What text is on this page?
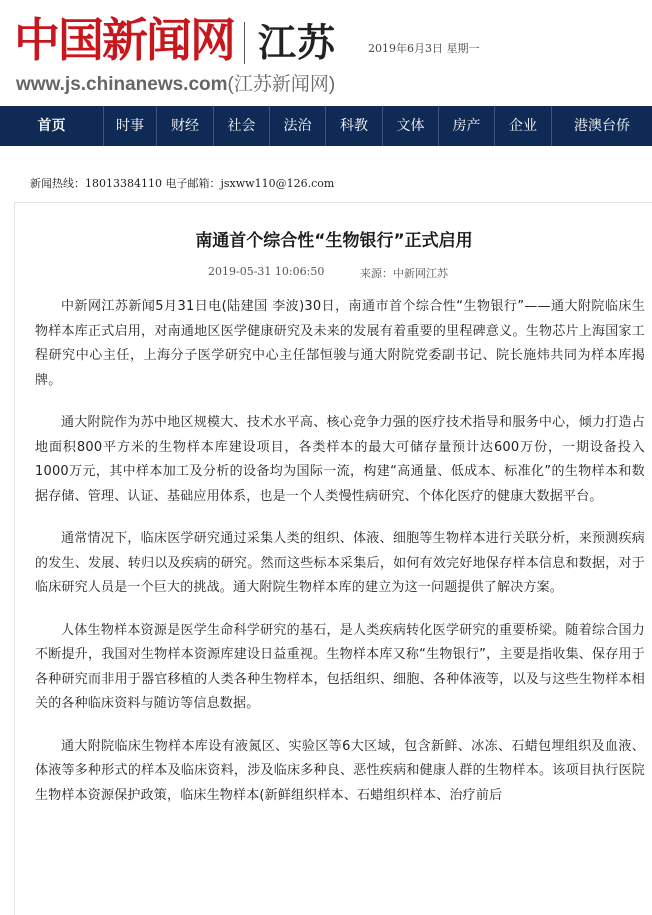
中国新闻网 江苏	2019年6月3日 星期一
www.js.chinanews.com(江苏新闻网)
首页	时事	财经	社会	法治	科教	文体	房产	企业	港澳台侨
新闻热线：18013384110 电子邮箱：jsxww110@126.com
南通首个综合性“生物银行”正式启用
2019-05-31 10:06:50	来源：中新网江苏

中新网江苏新闻5月31日电(陆建国 李波)30日，南通市首个综合性“生物银行”——通大附院临床生物样本库正式启用，对南通地区医学健康研究及未来的发展有着重要的里程碑意义。生物芯片上海国家工程研究中心主任，上海分子医学研究中心主任郜恒骏与通大附院党委副书记、院长施炜共同为样本库揭牌。

通大附院作为苏中地区规模大、技术水平高、核心竞争力强的医疗技术指导和服务中心，倾力打造占地面积800平方米的生物样本库建设项目，各类样本的最大可储存量预计达600万份，一期设备投入1000万元，其中样本加工及分析的设备均为国际一流，构建“高通量、低成本、标准化”的生物样本和数据存储、管理、认证、基础应用体系，也是一个人类慢性病研究、个体化医疗的健康大数据平台。

通常情况下，临床医学研究通过采集人类的组织、体液、细胞等生物样本进行关联分析，来预测疾病的发生、发展、转归以及疾病的研究。然而这些标本采集后，如何有效完好地保存样本信息和数据，对于临床研究人员是一个巨大的挑战。通大附院生物样本库的建立为这一问题提供了解决方案。

人体生物样本资源是医学生命科学研究的基石，是人类疾病转化医学研究的重要桥梁。随着综合国力不断提升，我国对生物样本资源库建设日益重视。生物样本库又称“生物银行”，主要是指收集、保存用于各种研究而非用于器官移植的人类各种生物样本，包括组织、细胞、各种体液等，以及与这些生物样本相关的各种临床资料与随访等信息数据。

通大附院临床生物样本库设有液氮区、实验区等6大区域，包含新鲜、冰冻、石蜡包埋组织及血液、体液等多种形式的样本及临床资料，涉及临床多种良、恶性疾病和健康人群的生物样本。该项目执行医院生物样本资源保护政策，临床生物样本(新鲜组织样本、石蜡组织样本、治疗前后
